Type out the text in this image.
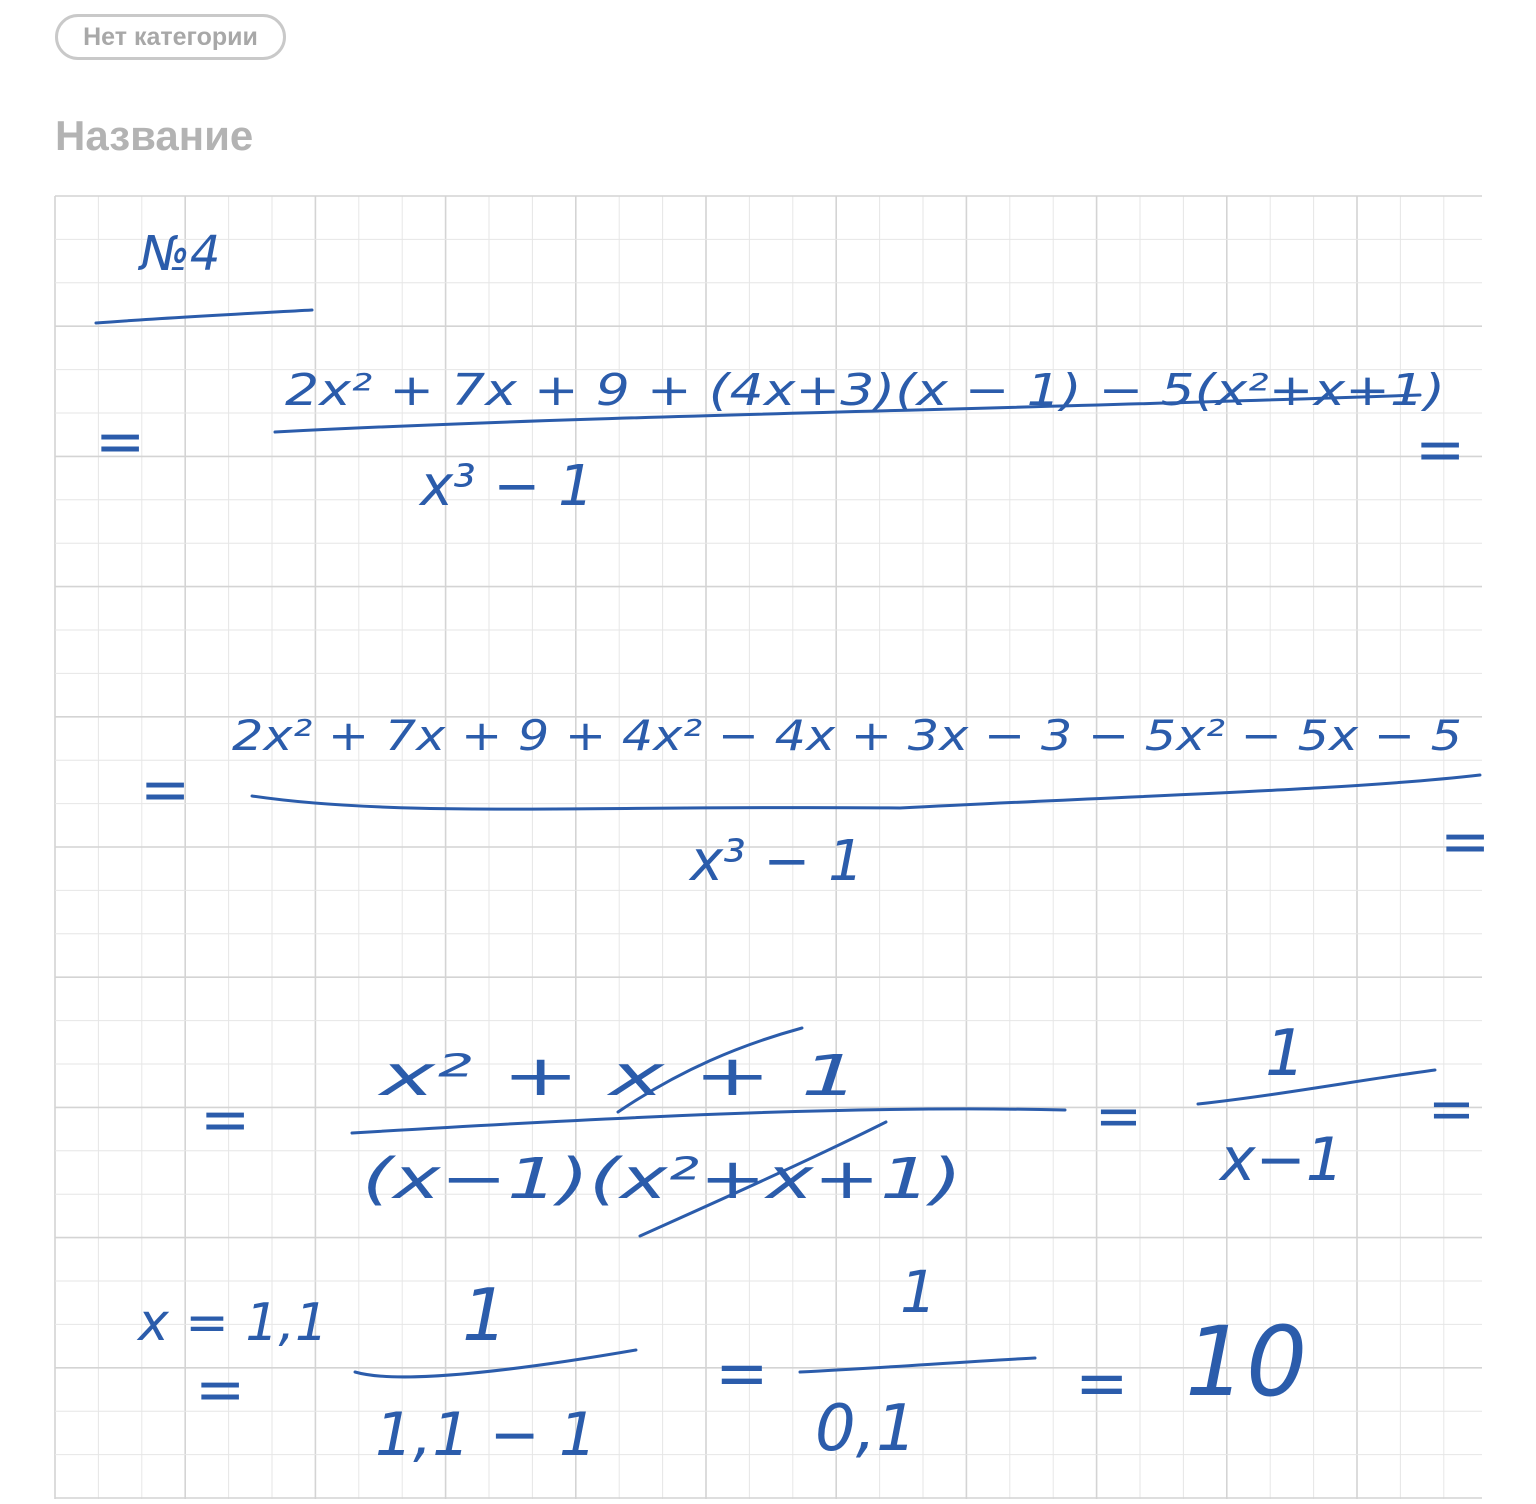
№4
=
2x² + 7x + 9 + (4x+3)(x − 1) − 5(x²+x+1)
x³ − 1
=
=
2x² + 7x + 9 + 4x² − 4x + 3x − 3 − 5x² − 5x − 5
x³ − 1	=
=
x² + x + 1
(x−1)(x²+x+1)
=
1
x−1
=
x = 1,1
=
1
1,1 − 1
=
1
0,1
= 10
Нет категории
Название
